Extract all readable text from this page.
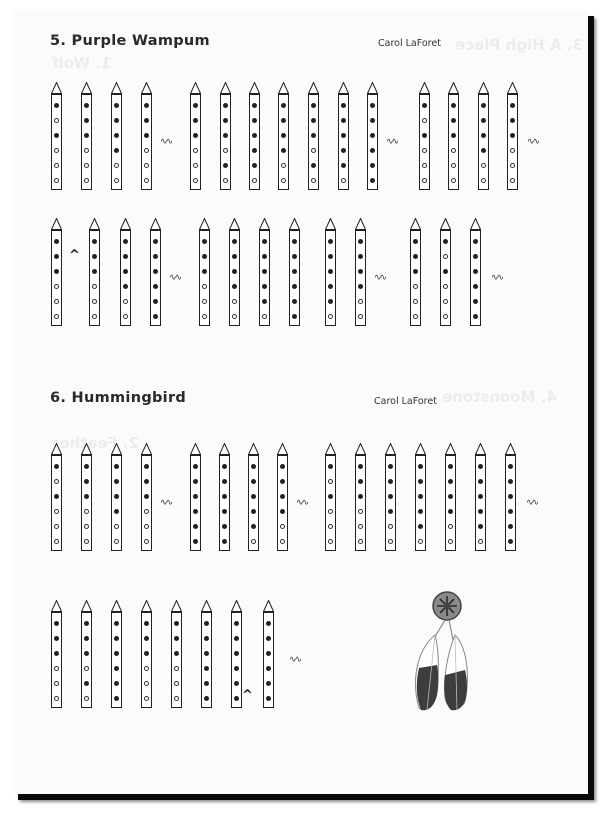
3. A High Place
1. Wolf
4. Moonstone
2. Feather
5. Purple Wampum	Carol LaForet
6. Hummingbird	Carol LaForet
∿∿	∿∿	∿∿
∿∿	∿∿	∿∿
^
∿∿	∿∿	∿∿
∿∿
^
